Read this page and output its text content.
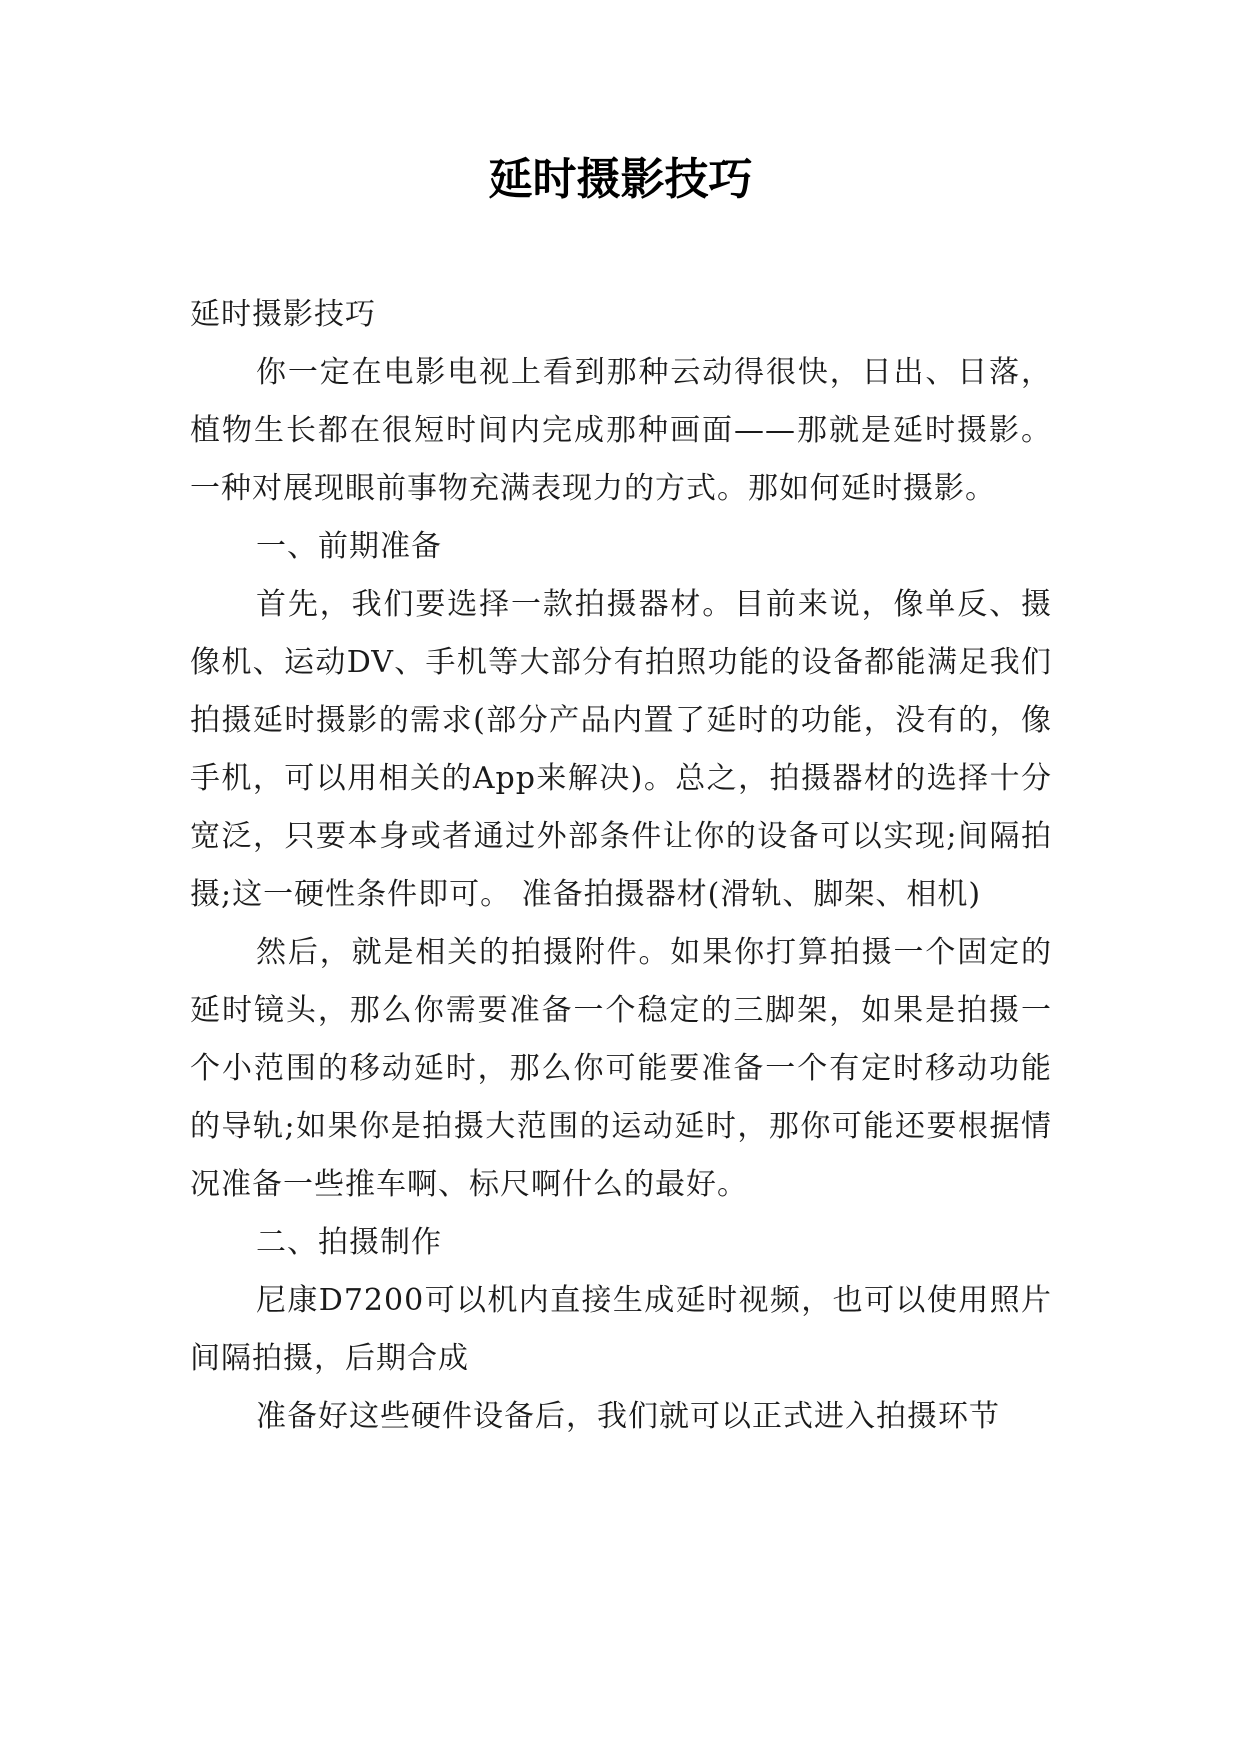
延时摄影技巧

延时摄影技巧

你一定在电影电视上看到那种云动得很快，日出、日落，植物生长都在很短时间内完成那种画面——那就是延时摄影。一种对展现眼前事物充满表现力的方式。那如何延时摄影。

一、前期准备

首先，我们要选择一款拍摄器材。目前来说，像单反、摄像机、运动DV、手机等大部分有拍照功能的设备都能满足我们拍摄延时摄影的需求(部分产品内置了延时的功能，没有的，像手机，可以用相关的App来解决)。总之，拍摄器材的选择十分宽泛，只要本身或者通过外部条件让你的设备可以实现;间隔拍摄;这一硬性条件即可。 准备拍摄器材(滑轨、脚架、相机)

然后，就是相关的拍摄附件。如果你打算拍摄一个固定的延时镜头，那么你需要准备一个稳定的三脚架，如果是拍摄一个小范围的移动延时，那么你可能要准备一个有定时移动功能的导轨;如果你是拍摄大范围的运动延时，那你可能还要根据情况准备一些推车啊、标尺啊什么的最好。

二、拍摄制作

尼康D7200可以机内直接生成延时视频，也可以使用照片间隔拍摄，后期合成

准备好这些硬件设备后，我们就可以正式进入拍摄环节
